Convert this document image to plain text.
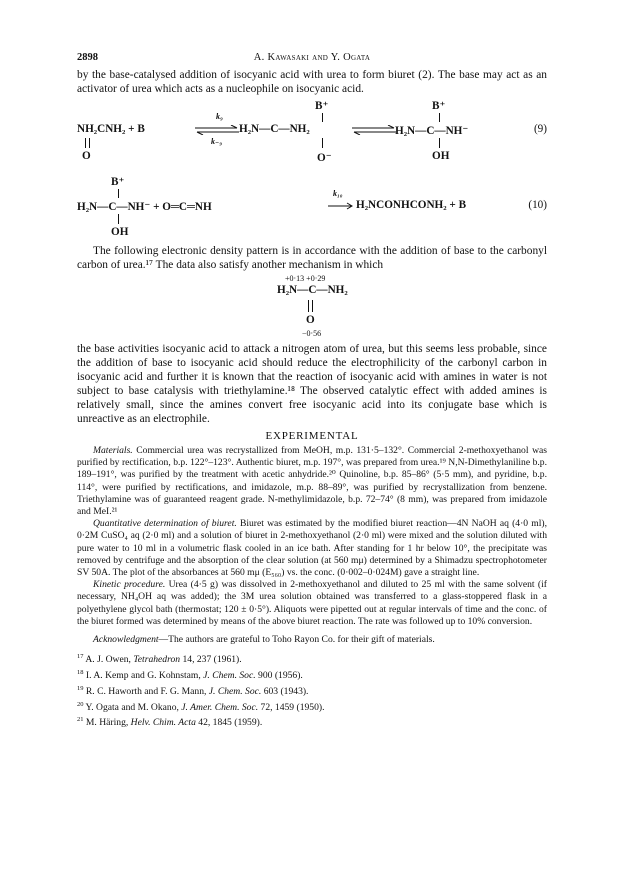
2898	A. Kawasaki and Y. Ogata

by the base-catalysed addition of isocyanic acid with urea to form biuret (2). The base may act as an activator of urea which acts as a nucleophile on isocyanic acid.

B⁺	B⁺
NH₂CNH₂ + B
k₉
k₋₉
H₂N—C—NH₂	H₂N—C—NH⁻	(9)
O	O⁻	OH
B⁺
H₂N—C—NH⁻ + O═C═NH
k₁₀
H₂NCONHCONH₂ + B	(10)
OH

The following electronic density pattern is in accordance with the addition of base to the carbonyl carbon of urea.¹⁷ The data also satisfy another mechanism in which

+0·13 +0·29
H₂N—C—NH₂
O
−0·56

the base activities isocyanic acid to attack a nitrogen atom of urea, but this seems less probable, since the addition of base to isocyanic acid should reduce the electrophilicity of the carbonyl carbon in isocyanic acid and further it is known that the reaction of isocyanic acid with amines in water is not subject to base catalysis with triethylamine.¹⁸ The observed catalytic effect with added amines is relatively small, since the amines convert free isocyanic acid into its conjugate base which is unreactive as an electrophile.

EXPERIMENTAL

Materials. Commercial urea was recrystallized from MeOH, m.p. 131·5–132°. Commercial 2-methoxyethanol was purified by rectification, b.p. 122°–123°. Authentic biuret, m.p. 197°, was prepared from urea.¹⁹ N,N-Dimethylaniline b.p. 189–191°, was purified by the treatment with acetic anhydride.²⁰ Quinoline, b.p. 85–86° (5·5 mm), and pyridine, b.p. 114°, were purified by rectifications, and imidazole, m.p. 88–89°, was purified by recrystallization from benzene. Triethylamine was of guaranteed reagent grade. N-methylimidazole, b.p. 72–74° (8 mm), was prepared from imidazole and MeI.²¹

Quantitative determination of biuret. Biuret was estimated by the modified biuret reaction—4N NaOH aq (4·0 ml), 0·2M CuSO₄ aq (2·0 ml) and a solution of biuret in 2-methoxyethanol (2·0 ml) were mixed and the solution diluted with pure water to 10 ml in a volumetric flask cooled in an ice bath. After standing for 1 hr below 10°, the precipitate was removed by centrifuge and the absorption of the clear solution (at 560 mμ) determined by a Shimadzu spectrophotometer SV 50A. The plot of the absorbances at 560 mμ (E₅₆₀) vs. the conc. (0·002–0·024M) gave a straight line.

Kinetic procedure. Urea (4·5 g) was dissolved in 2-methoxyethanol and diluted to 25 ml with the same solvent (if necessary, NH₄OH aq was added); the 3M urea solution obtained was transferred to a glass-stoppered flask in a polyethylene glycol bath (thermostat; 120 ± 0·5°). Aliquots were pipetted out at regular intervals of time and the conc. of the biuret formed was determined by means of the above biuret reaction. The rate was followed up to 10% conversion.

Acknowledgment—The authors are grateful to Toho Rayon Co. for their gift of materials.

$^{17}$ A. J. Owen, Tetrahedron 14, 237 (1961).

$^{18}$ I. A. Kemp and G. Kohnstam, J. Chem. Soc. 900 (1956).

$^{19}$ R. C. Haworth and F. G. Mann, J. Chem. Soc. 603 (1943).

$^{20}$ Y. Ogata and M. Okano, J. Amer. Chem. Soc. 72, 1459 (1950).

$^{21}$ M. Häring, Helv. Chim. Acta 42, 1845 (1959).
